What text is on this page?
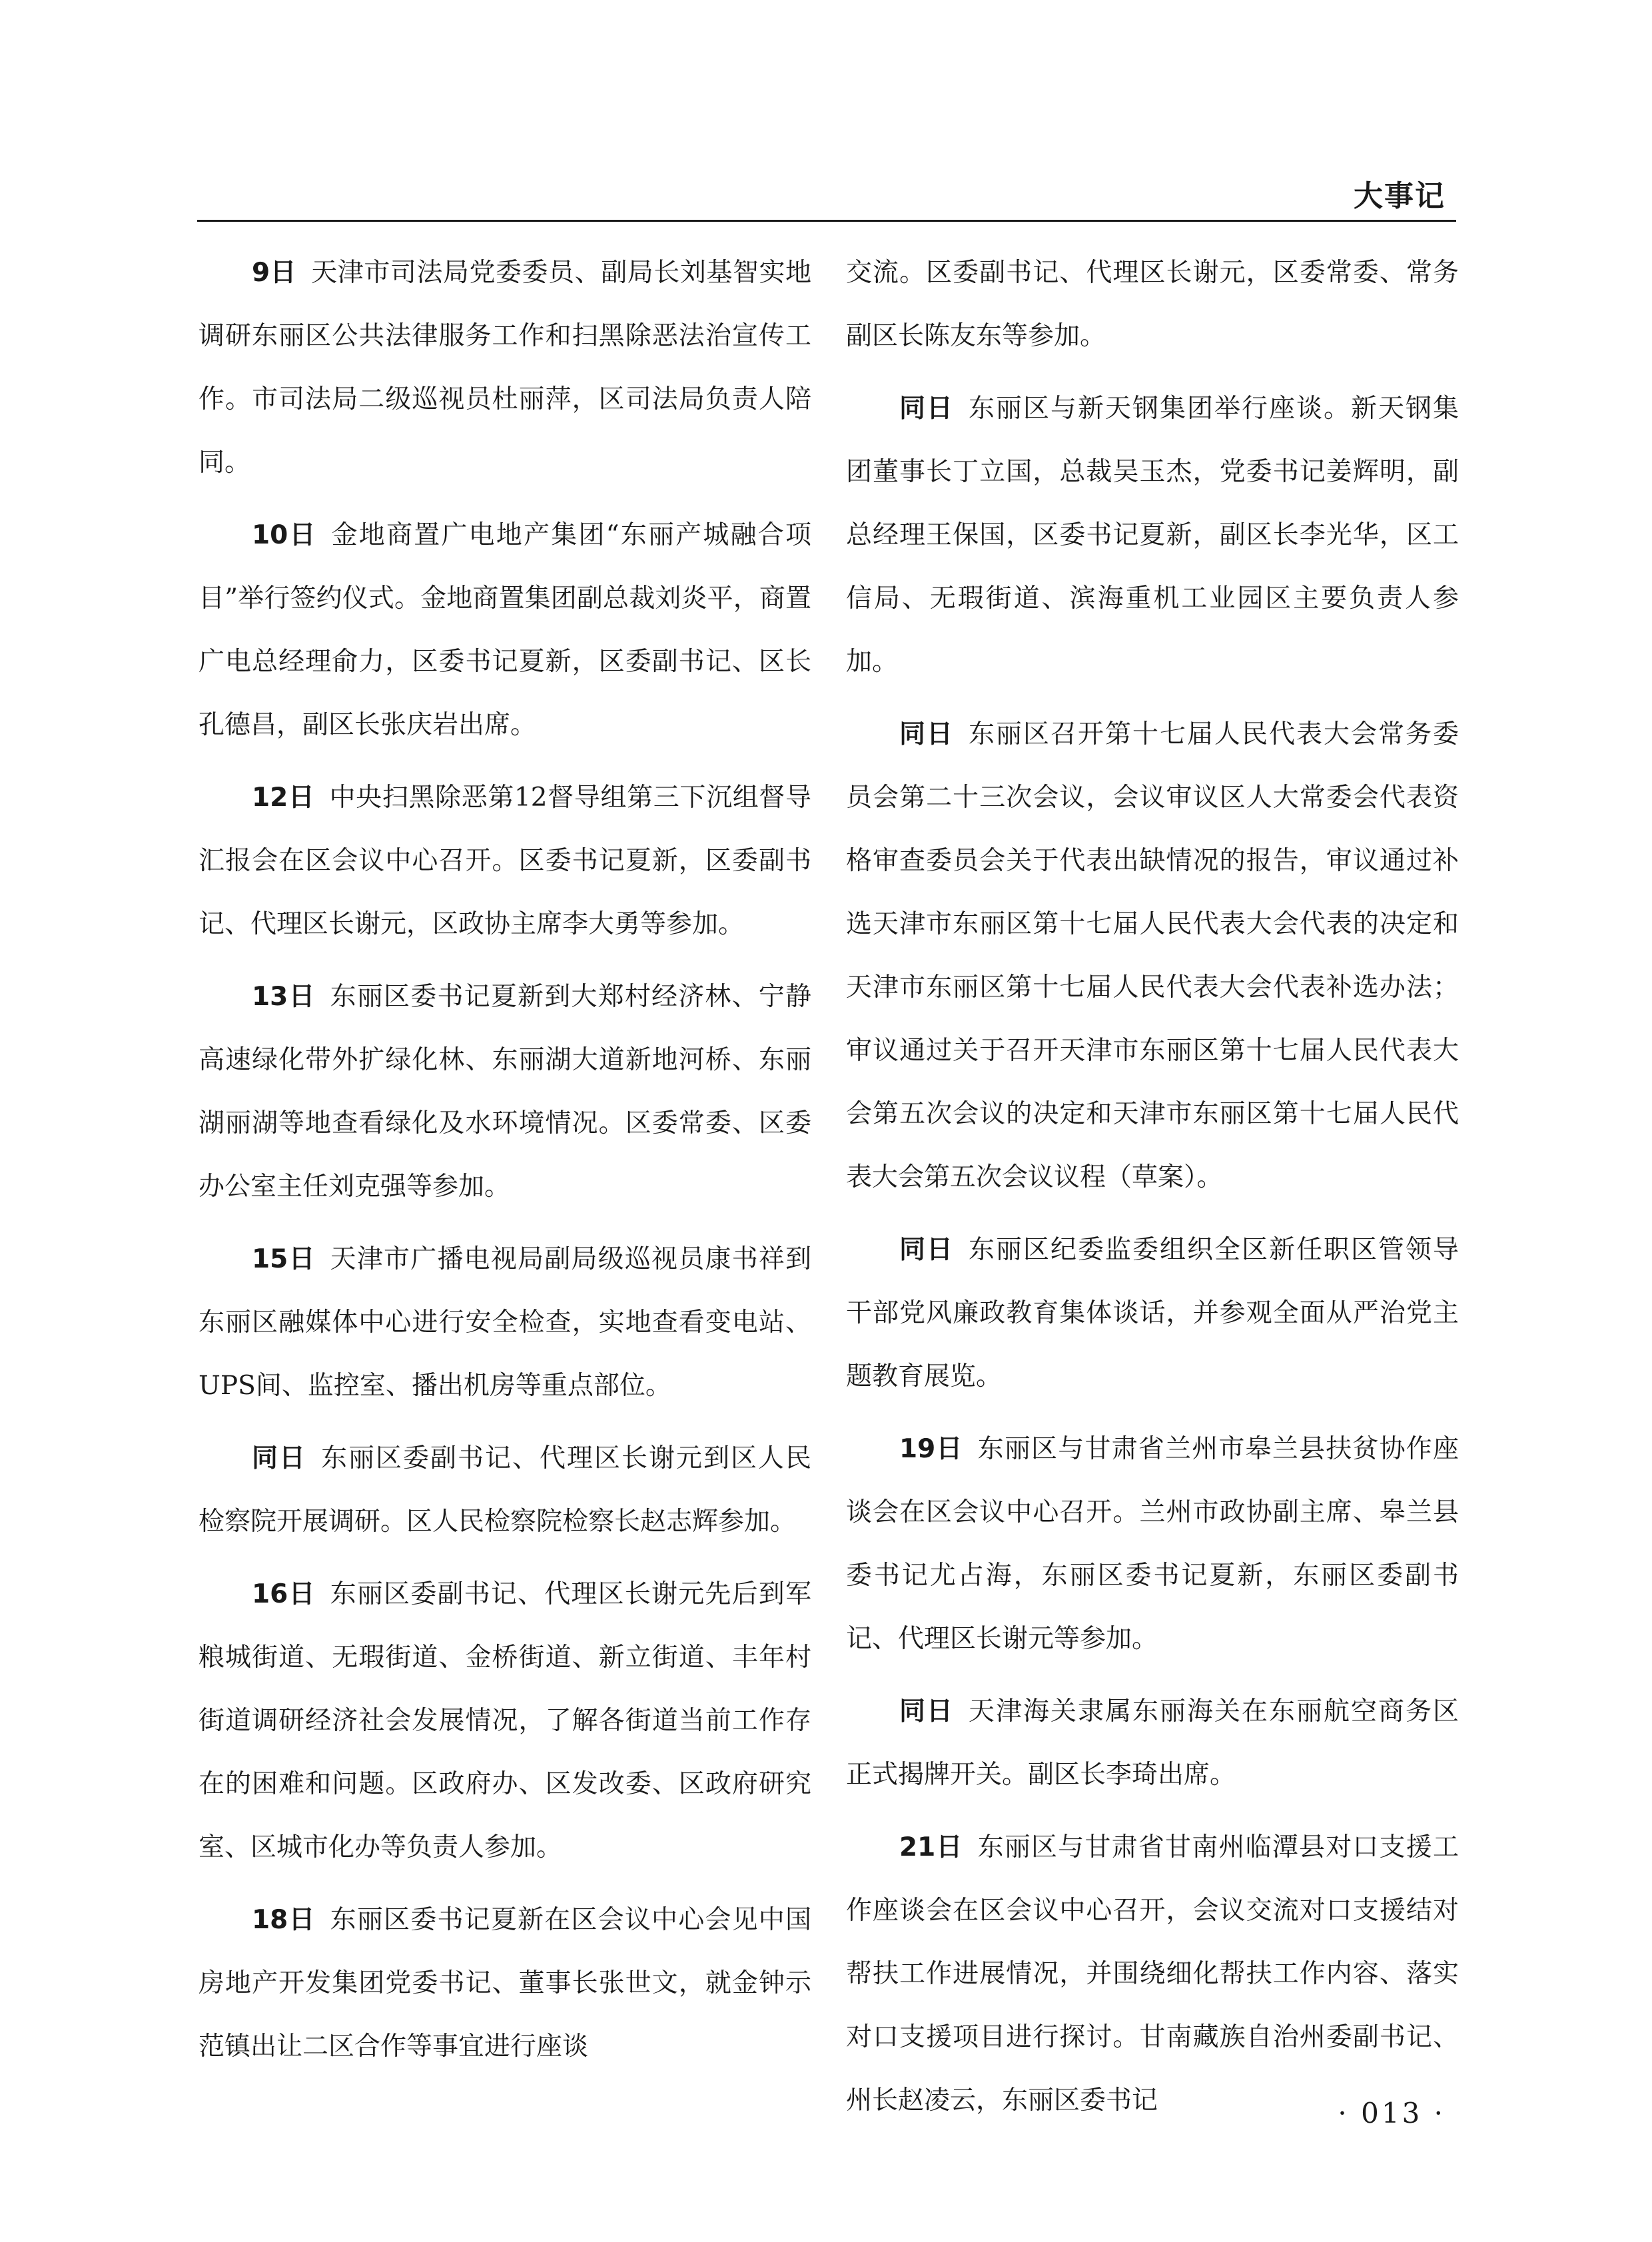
大事记

9日 天津市司法局党委委员、副局长刘基智实地调研东丽区公共法律服务工作和扫黑除恶法治宣传工作。市司法局二级巡视员杜丽萍，区司法局负责人陪同。

10日 金地商置广电地产集团“东丽产城融合项目”举行签约仪式。金地商置集团副总裁刘炎平，商置广电总经理俞力，区委书记夏新，区委副书记、区长孔德昌，副区长张庆岩出席。

12日 中央扫黑除恶第12督导组第三下沉组督导汇报会在区会议中心召开。区委书记夏新，区委副书记、代理区长谢元，区政协主席李大勇等参加。

13日 东丽区委书记夏新到大郑村经济林、宁静高速绿化带外扩绿化林、东丽湖大道新地河桥、东丽湖丽湖等地查看绿化及水环境情况。区委常委、区委办公室主任刘克强等参加。

15日 天津市广播电视局副局级巡视员康书祥到东丽区融媒体中心进行安全检查，实地查看变电站、UPS间、监控室、播出机房等重点部位。

同日 东丽区委副书记、代理区长谢元到区人民检察院开展调研。区人民检察院检察长赵志辉参加。

16日 东丽区委副书记、代理区长谢元先后到军粮城街道、无瑕街道、金桥街道、新立街道、丰年村街道调研经济社会发展情况，了解各街道当前工作存在的困难和问题。区政府办、区发改委、区政府研究室、区城市化办等负责人参加。

18日 东丽区委书记夏新在区会议中心会见中国房地产开发集团党委书记、董事长张世文，就金钟示范镇出让二区合作等事宜进行座谈

交流。区委副书记、代理区长谢元，区委常委、常务副区长陈友东等参加。

同日 东丽区与新天钢集团举行座谈。新天钢集团董事长丁立国，总裁吴玉杰，党委书记姜辉明，副总经理王保国，区委书记夏新，副区长李光华，区工信局、无瑕街道、滨海重机工业园区主要负责人参加。

同日 东丽区召开第十七届人民代表大会常务委员会第二十三次会议，会议审议区人大常委会代表资格审查委员会关于代表出缺情况的报告，审议通过补选天津市东丽区第十七届人民代表大会代表的决定和天津市东丽区第十七届人民代表大会代表补选办法；审议通过关于召开天津市东丽区第十七届人民代表大会第五次会议的决定和天津市东丽区第十七届人民代表大会第五次会议议程（草案）。

同日 东丽区纪委监委组织全区新任职区管领导干部党风廉政教育集体谈话，并参观全面从严治党主题教育展览。

19日 东丽区与甘肃省兰州市皋兰县扶贫协作座谈会在区会议中心召开。兰州市政协副主席、皋兰县委书记尤占海，东丽区委书记夏新，东丽区委副书记、代理区长谢元等参加。

同日 天津海关隶属东丽海关在东丽航空商务区正式揭牌开关。副区长李琦出席。

21日 东丽区与甘肃省甘南州临潭县对口支援工作座谈会在区会议中心召开，会议交流对口支援结对帮扶工作进展情况，并围绕细化帮扶工作内容、落实对口支援项目进行探讨。甘南藏族自治州委副书记、州长赵凌云，东丽区委书记	· 013 ·
